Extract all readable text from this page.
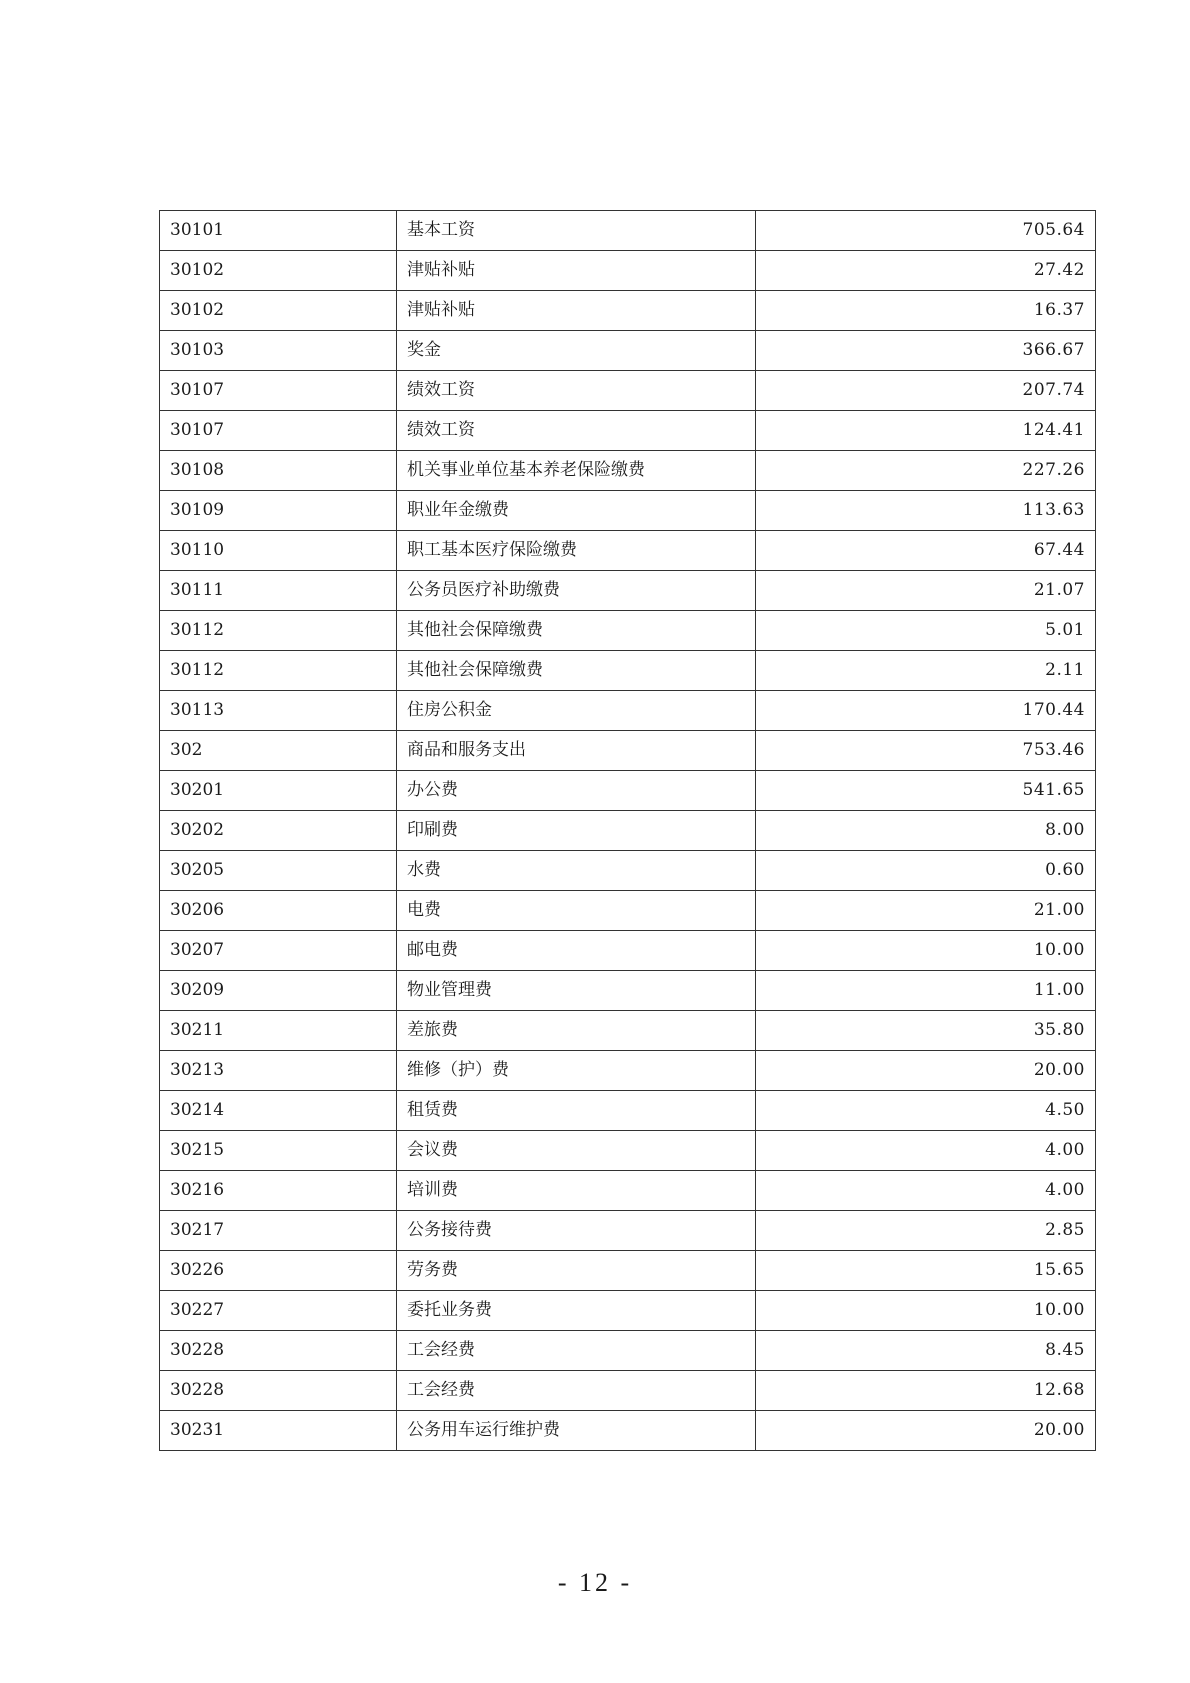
30101	基本工资	705.64
30102	津贴补贴	27.42
30102	津贴补贴	16.37
30103	奖金	366.67
30107	绩效工资	207.74
30107	绩效工资	124.41
30108	机关事业单位基本养老保险缴费	227.26
30109	职业年金缴费	113.63
30110	职工基本医疗保险缴费	67.44
30111	公务员医疗补助缴费	21.07
30112	其他社会保障缴费	5.01
30112	其他社会保障缴费	2.11
30113	住房公积金	170.44
302	商品和服务支出	753.46
30201	办公费	541.65
30202	印刷费	8.00
30205	水费	0.60
30206	电费	21.00
30207	邮电费	10.00
30209	物业管理费	11.00
30211	差旅费	35.80
30213	维修（护）费	20.00
30214	租赁费	4.50
30215	会议费	4.00
30216	培训费	4.00
30217	公务接待费	2.85
30226	劳务费	15.65
30227	委托业务费	10.00
30228	工会经费	8.45
30228	工会经费	12.68
30231	公务用车运行维护费	20.00
- 12 -
